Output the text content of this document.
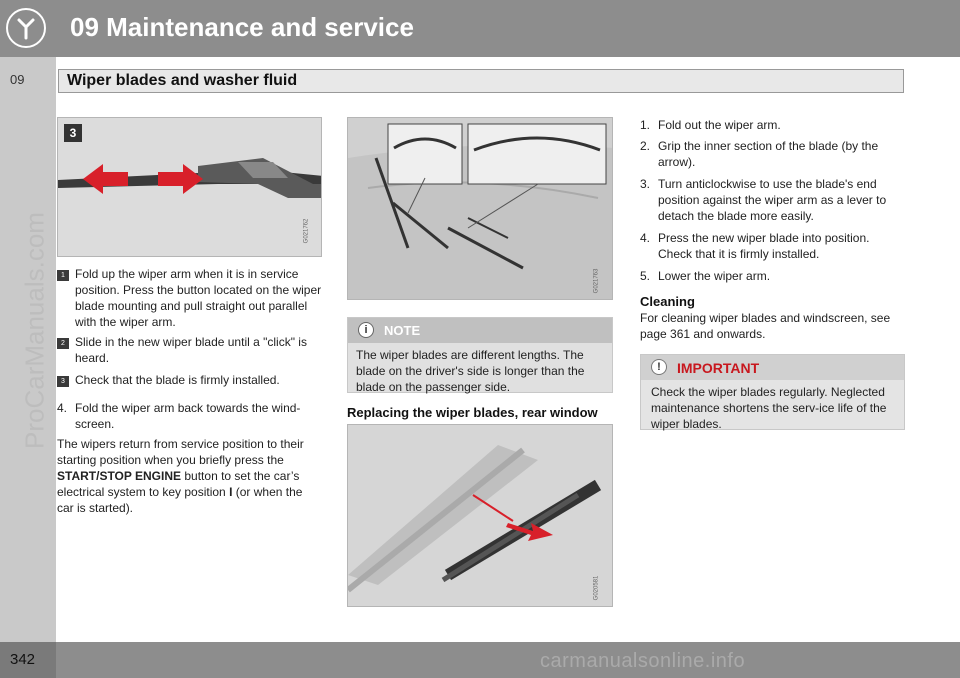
09 Maintenance and service
09	Wiper blades and washer fluid
ProCarManuals.com
3
G021762
1 Fold up the wiper arm when it is in service position. Press the button located on the wiper blade mounting and pull straight out parallel with the wiper arm.
2 Slide in the new wiper blade until a "click" is heard.
3 Check that the blade is firmly installed.
4. Fold the wiper arm back towards the wind-screen.
The wipers return from service position to their starting position when you briefly press the START/STOP ENGINE button to set the car’s electrical system to key position I (or when the car is started).
G021763
i	NOTE
The wiper blades are different lengths. The blade on the driver's side is longer than the blade on the passenger side.
Replacing the wiper blades, rear window
G020581
1. Fold out the wiper arm.
2. Grip the inner section of the blade (by the arrow).
3. Turn anticlockwise to use the blade's end position against the wiper arm as a lever to detach the blade more easily.
4. Press the new wiper blade into position. Check that it is firmly installed.
5. Lower the wiper arm.
Cleaning
For cleaning wiper blades and windscreen, see page 361 and onwards.
!	IMPORTANT
Check the wiper blades regularly. Neglected maintenance shortens the serv-ice life of the wiper blades.
342	carmanualsonline.info
